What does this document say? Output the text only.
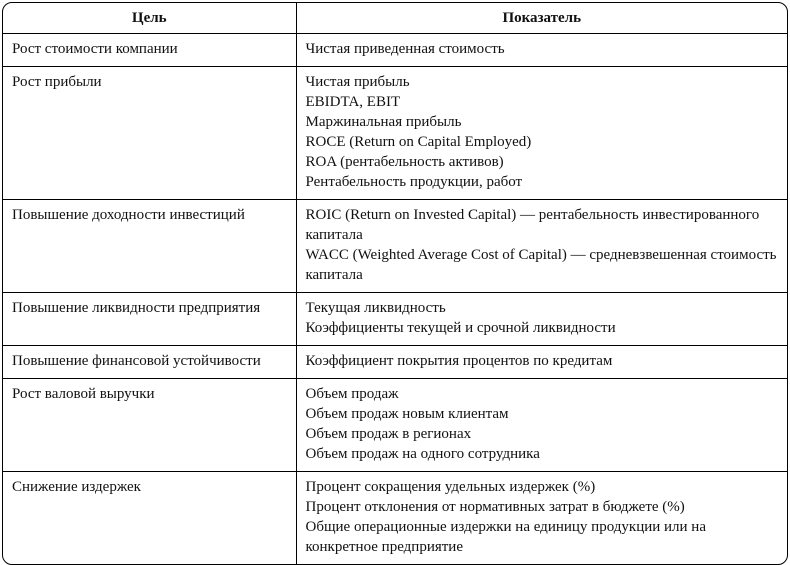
Цель	Показатель
Рост стоимости компании	Чистая приведенная стоимость

Рост прибыли	Чистая прибыль
EBIDTA, EBIT
Маржинальная прибыль
ROCE (Return on Capital Employed)
ROA (рентабельность активов)
Рентабельность продукции, работ

Повышение доходности инвестиций	ROIC (Return on Invested Capital) — рентабельность инвестированного капитала
WACC (Weighted Average Cost of Capital) — средневзвешенная стоимость капитала

Повышение ликвидности предприятия	Текущая ликвидность
Коэффициенты текущей и срочной ликвидности

Повышение финансовой устойчивости	Коэффициент покрытия процентов по кредитам

Рост валовой выручки	Объем продаж
Объем продаж новым клиентам
Объем продаж в регионах
Объем продаж на одного сотрудника

Снижение издержек	Процент сокращения удельных издержек (%)
Процент отклонения от нормативных затрат в бюджете (%)
Общие операционные издержки на единицу продукции или на конкретное предприятие
